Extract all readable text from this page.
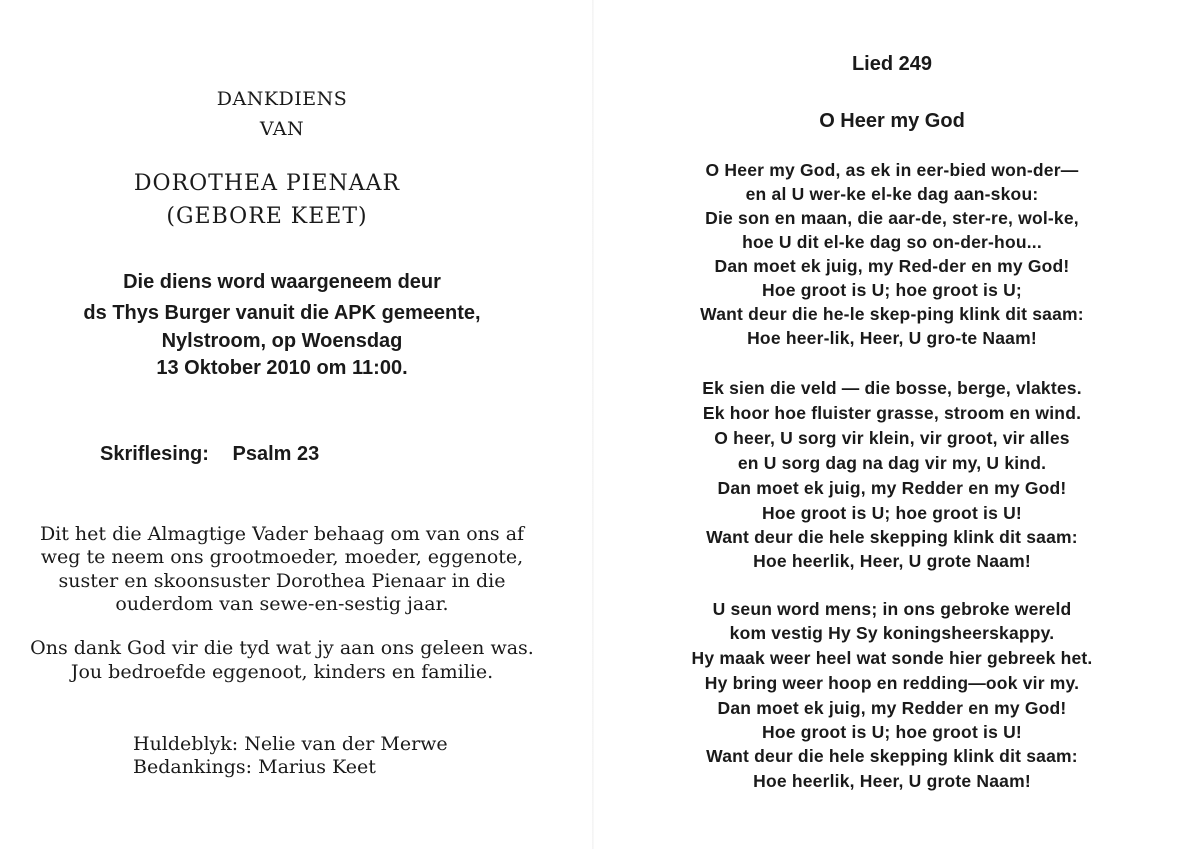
DANKDIENS
VAN
DOROTHEA PIENAAR
(GEBORE KEET)
Die diens word waargeneem deur
ds Thys Burger vanuit die APK gemeente,
Nylstroom, op Woensdag
13 Oktober 2010 om 11:00.
Skriflesing: Psalm 23
Dit het die Almagtige Vader behaag om van ons af
weg te neem ons grootmoeder, moeder, eggenote,
suster en skoonsuster Dorothea Pienaar in die
ouderdom van sewe-en-sestig jaar.
Ons dank God vir die tyd wat jy aan ons geleen was.
Jou bedroefde eggenoot, kinders en familie.
Huldeblyk: Nelie van der Merwe
Bedankings: Marius Keet
Lied 249
O Heer my God
O Heer my God, as ek in eer-bied won-der—
en al U wer-ke el-ke dag aan-skou:
Die son en maan, die aar-de, ster-re, wol-ke,
hoe U dit el-ke dag so on-der-hou...
Dan moet ek juig, my Red-der en my God!
Hoe groot is U; hoe groot is U;
Want deur die he-le skep-ping klink dit saam:
Hoe heer-lik, Heer, U gro-te Naam!
Ek sien die veld — die bosse, berge, vlaktes.
Ek hoor hoe fluister grasse, stroom en wind.
O heer, U sorg vir klein, vir groot, vir alles
en U sorg dag na dag vir my, U kind.
Dan moet ek juig, my Redder en my God!
Hoe groot is U; hoe groot is U!
Want deur die hele skepping klink dit saam:
Hoe heerlik, Heer, U grote Naam!
U seun word mens; in ons gebroke wereld
kom vestig Hy Sy koningsheerskappy.
Hy maak weer heel wat sonde hier gebreek het.
Hy bring weer hoop en redding—ook vir my.
Dan moet ek juig, my Redder en my God!
Hoe groot is U; hoe groot is U!
Want deur die hele skepping klink dit saam:
Hoe heerlik, Heer, U grote Naam!
